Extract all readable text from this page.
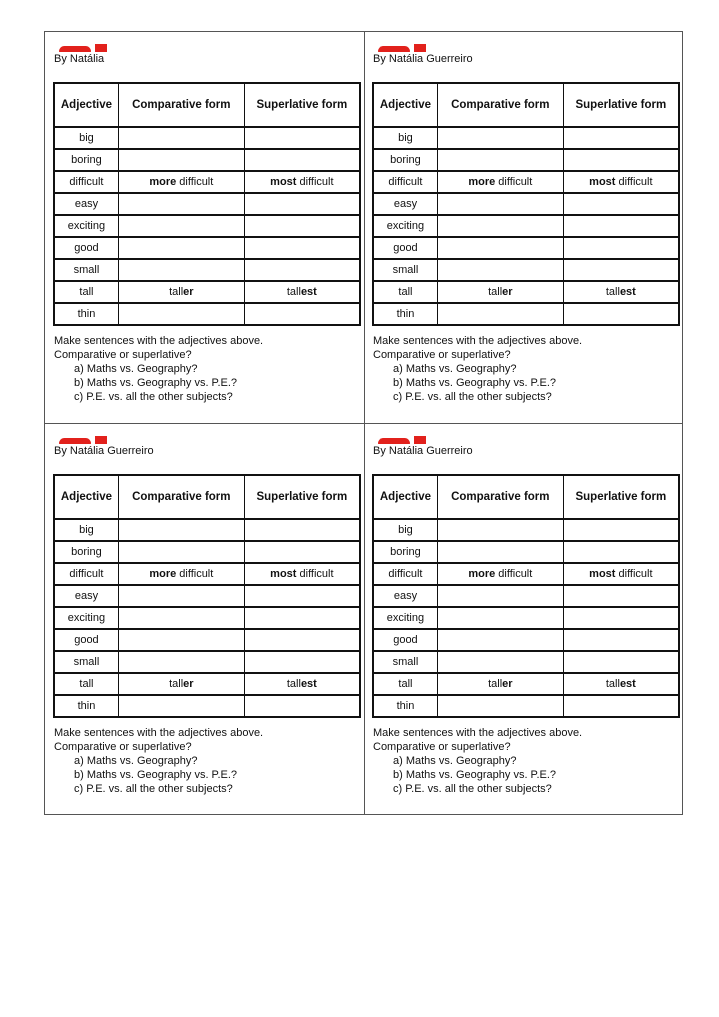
By Natália
Adjective	Comparative form	Superlative form
big		
boring		
difficult	more difficult	most difficult
easy		
exciting		
good		
small		
tall	taller	tallest
thin		

Make sentences with the adjectives above.

Comparative or superlative?

a) Maths vs. Geography?
b) Maths vs. Geography vs. P.E.?
c) P.E. vs. all the other subjects?
By Natália Guerreiro
Adjective	Comparative form	Superlative form
big		
boring		
difficult	more difficult	most difficult
easy		
exciting		
good		
small		
tall	taller	tallest
thin		

Make sentences with the adjectives above.

Comparative or superlative?

a) Maths vs. Geography?
b) Maths vs. Geography vs. P.E.?
c) P.E. vs. all the other subjects?
By Natália Guerreiro
Adjective	Comparative form	Superlative form
big		
boring		
difficult	more difficult	most difficult
easy		
exciting		
good		
small		
tall	taller	tallest
thin		

Make sentences with the adjectives above.

Comparative or superlative?

a) Maths vs. Geography?
b) Maths vs. Geography vs. P.E.?
c) P.E. vs. all the other subjects?
By Natália Guerreiro
Adjective	Comparative form	Superlative form
big		
boring		
difficult	more difficult	most difficult
easy		
exciting		
good		
small		
tall	taller	tallest
thin		

Make sentences with the adjectives above.

Comparative or superlative?

a) Maths vs. Geography?
b) Maths vs. Geography vs. P.E.?
c) P.E. vs. all the other subjects?
